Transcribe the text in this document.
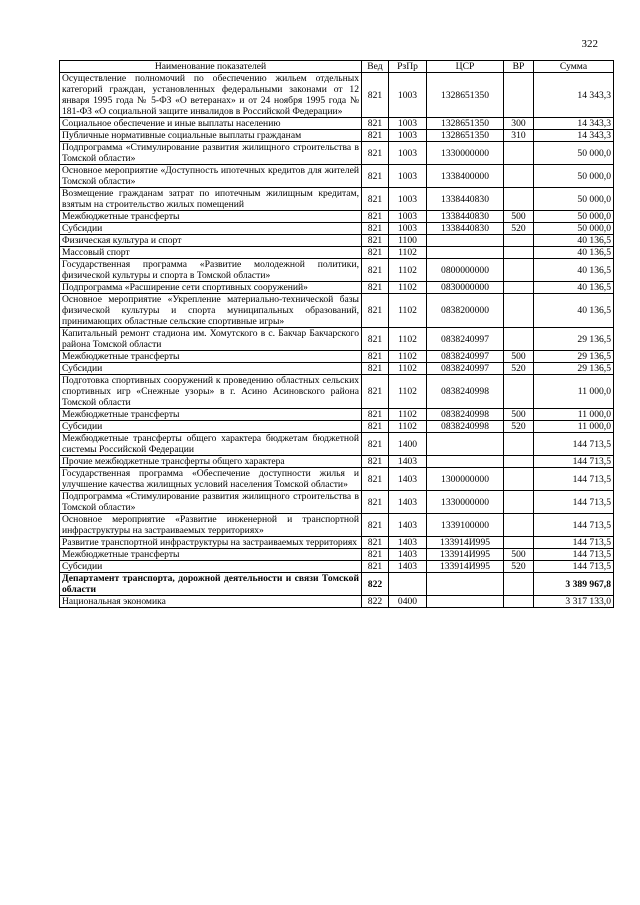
322
Наименование показателей	Вед	РзПр	ЦСР	ВР	Сумма
Осуществление полномочий по обеспечению жильем отдельных категорий граждан, установленных федеральными законами от 12 января 1995 года № 5-ФЗ «О ветеранах» и от 24 ноября 1995 года № 181-ФЗ «О социальной защите инвалидов в Российской Федерации»	821	1003	1328651350		14 343,3
Социальное обеспечение и иные выплаты населению	821	1003	1328651350	300	14 343,3
Публичные нормативные социальные выплаты гражданам	821	1003	1328651350	310	14 343,3
Подпрограмма «Стимулирование развития жилищного строительства в Томской области»	821	1003	1330000000		50 000,0
Основное мероприятие «Доступность ипотечных кредитов для жителей Томской области»	821	1003	1338400000		50 000,0
Возмещение гражданам затрат по ипотечным жилищным кредитам, взятым на строительство жилых помещений	821	1003	1338440830		50 000,0
Межбюджетные трансферты	821	1003	1338440830	500	50 000,0
Субсидии	821	1003	1338440830	520	50 000,0
Физическая культура и спорт	821	1100			40 136,5
Массовый спорт	821	1102			40 136,5
Государственная программа «Развитие молодежной политики, физической культуры и спорта в Томской области»	821	1102	0800000000		40 136,5
Подпрограмма «Расширение сети спортивных сооружений»	821	1102	0830000000		40 136,5
Основное мероприятие «Укрепление материально-технической базы физической культуры и спорта муниципальных образований, принимающих областные сельские спортивные игры»	821	1102	0838200000		40 136,5
Капитальный ремонт стадиона им. Хомутского в с. Бакчар Бакчарского района Томской области	821	1102	0838240997		29 136,5
Межбюджетные трансферты	821	1102	0838240997	500	29 136,5
Субсидии	821	1102	0838240997	520	29 136,5
Подготовка спортивных сооружений к проведению областных сельских спортивных игр «Снежные узоры» в г. Асино Асиновского района Томской области	821	1102	0838240998		11 000,0
Межбюджетные трансферты	821	1102	0838240998	500	11 000,0
Субсидии	821	1102	0838240998	520	11 000,0
Межбюджетные трансферты общего характера бюджетам бюджетной системы Российской Федерации	821	1400			144 713,5
Прочие межбюджетные трансферты общего характера	821	1403			144 713,5
Государственная программа «Обеспечение доступности жилья и улучшение качества жилищных условий населения Томской области»	821	1403	1300000000		144 713,5
Подпрограмма «Стимулирование развития жилищного строительства в Томской области»	821	1403	1330000000		144 713,5
Основное мероприятие «Развитие инженерной и транспортной инфраструктуры на застраиваемых территориях»	821	1403	1339100000		144 713,5
Развитие транспортной инфраструктуры на застраиваемых территориях	821	1403	133914И995		144 713,5
Межбюджетные трансферты	821	1403	133914И995	500	144 713,5
Субсидии	821	1403	133914И995	520	144 713,5
Департамент транспорта, дорожной деятельности и связи Томской области	822				3 389 967,8
Национальная экономика	822	0400			3 317 133,0
